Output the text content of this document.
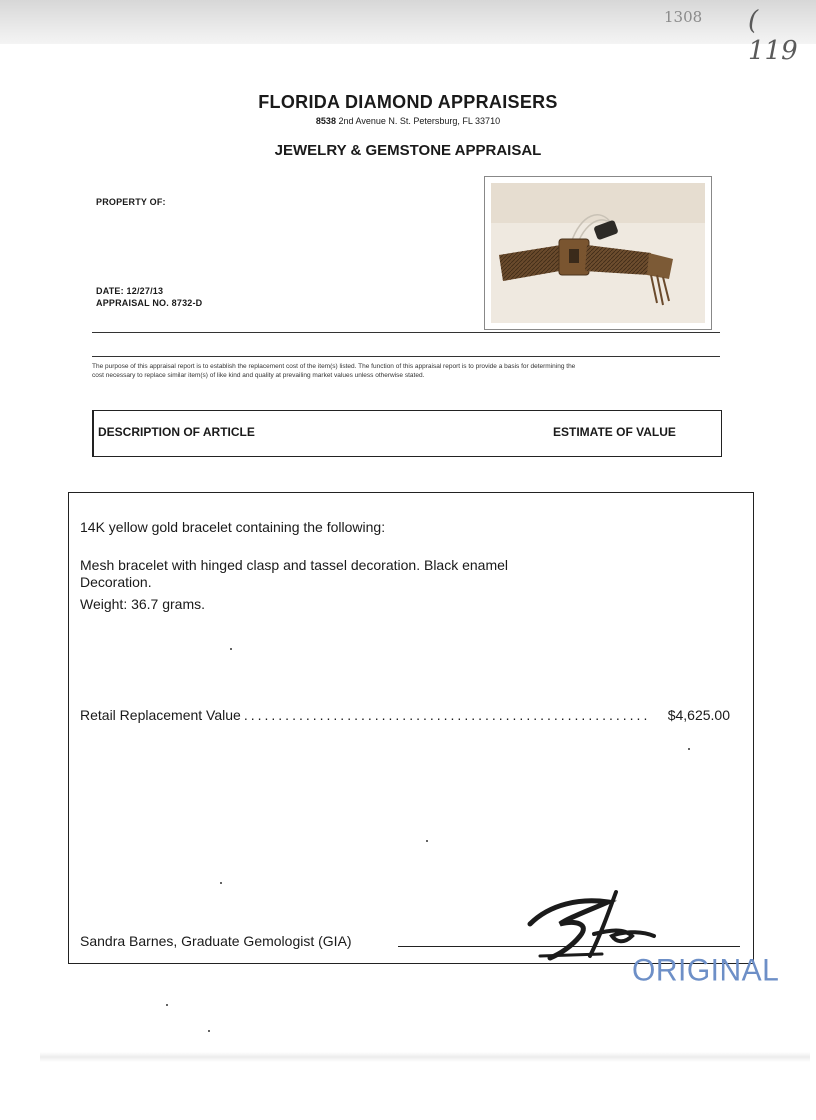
1308 ( 119
FLORIDA DIAMOND APPRAISERS
8538 2nd Avenue N. St. Petersburg, FL 33710
JEWELRY & GEMSTONE APPRAISAL
PROPERTY OF:
DATE: 12/27/13
APPRAISAL NO. 8732-D
The purpose of this appraisal report is to establish the replacement cost of the item(s) listed. The function of this appraisal report is to provide a basis for determining the
cost necessary to replace similar item(s) of like kind and quality at prevailing market values unless otherwise stated.
DESCRIPTION OF ARTICLE	ESTIMATE OF VALUE
14K yellow gold bracelet containing the following:
Mesh bracelet with hinged clasp and tassel decoration. Black enamel
Decoration.
Weight: 36.7 grams.
Retail Replacement Value ...........................................................	$4,625.00
Sandra Barnes, Graduate Gemologist (GIA)
ORIGINAL
